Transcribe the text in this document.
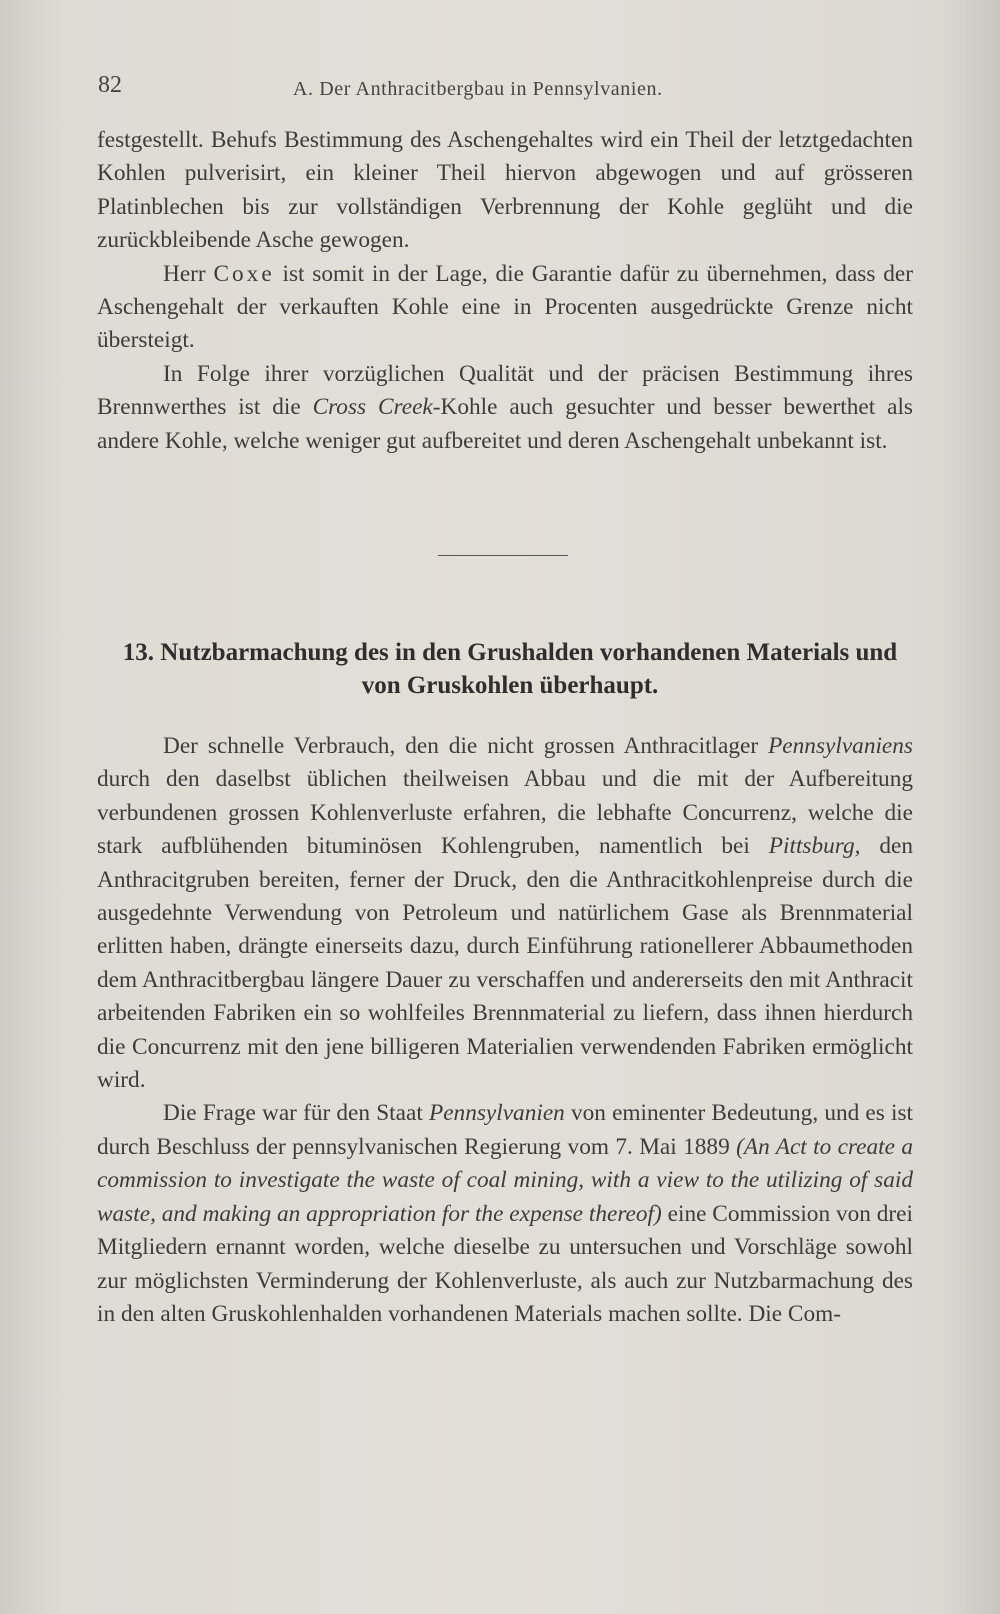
82	A. Der Anthracitbergbau in Pennsylvanien.

festgestellt. Behufs Bestimmung des Aschengehaltes wird ein Theil der letztgedachten Kohlen pulverisirt, ein kleiner Theil hiervon abgewogen und auf grösseren Platinblechen bis zur vollständigen Verbrennung der Kohle geglüht und die zurückbleibende Asche gewogen.

Herr Coxe ist somit in der Lage, die Garantie dafür zu übernehmen, dass der Aschengehalt der verkauften Kohle eine in Procenten ausgedrückte Grenze nicht übersteigt.

In Folge ihrer vorzüglichen Qualität und der präcisen Bestimmung ihres Brennwerthes ist die Cross Creek-Kohle auch gesuchter und besser bewerthet als andere Kohle, welche weniger gut aufbereitet und deren Aschengehalt unbekannt ist.

13. Nutzbarmachung des in den Grushalden vorhandenen Materials und von Gruskohlen überhaupt.

Der schnelle Verbrauch, den die nicht grossen Anthracitlager Pennsylvaniens durch den daselbst üblichen theilweisen Abbau und die mit der Aufbereitung verbundenen grossen Kohlenverluste erfahren, die lebhafte Concurrenz, welche die stark aufblühenden bituminösen Kohlengruben, namentlich bei Pittsburg, den Anthracitgruben bereiten, ferner der Druck, den die Anthracitkohlenpreise durch die ausgedehnte Verwendung von Petroleum und natürlichem Gase als Brennmaterial erlitten haben, drängte einerseits dazu, durch Einführung rationellerer Abbaumethoden dem Anthracitbergbau längere Dauer zu verschaffen und andererseits den mit Anthracit arbeitenden Fabriken ein so wohlfeiles Brennmaterial zu liefern, dass ihnen hierdurch die Concurrenz mit den jene billigeren Materialien verwendenden Fabriken ermöglicht wird.

Die Frage war für den Staat Pennsylvanien von eminenter Bedeutung, und es ist durch Beschluss der pennsylvanischen Regierung vom 7. Mai 1889 (An Act to create a commission to investigate the waste of coal mining, with a view to the utilizing of said waste, and making an appropriation for the expense thereof) eine Commission von drei Mitgliedern ernannt worden, welche dieselbe zu untersuchen und Vorschläge sowohl zur möglichsten Verminderung der Kohlenverluste, als auch zur Nutzbarmachung des in den alten Gruskohlenhalden vorhandenen Materials machen sollte. Die Com-
